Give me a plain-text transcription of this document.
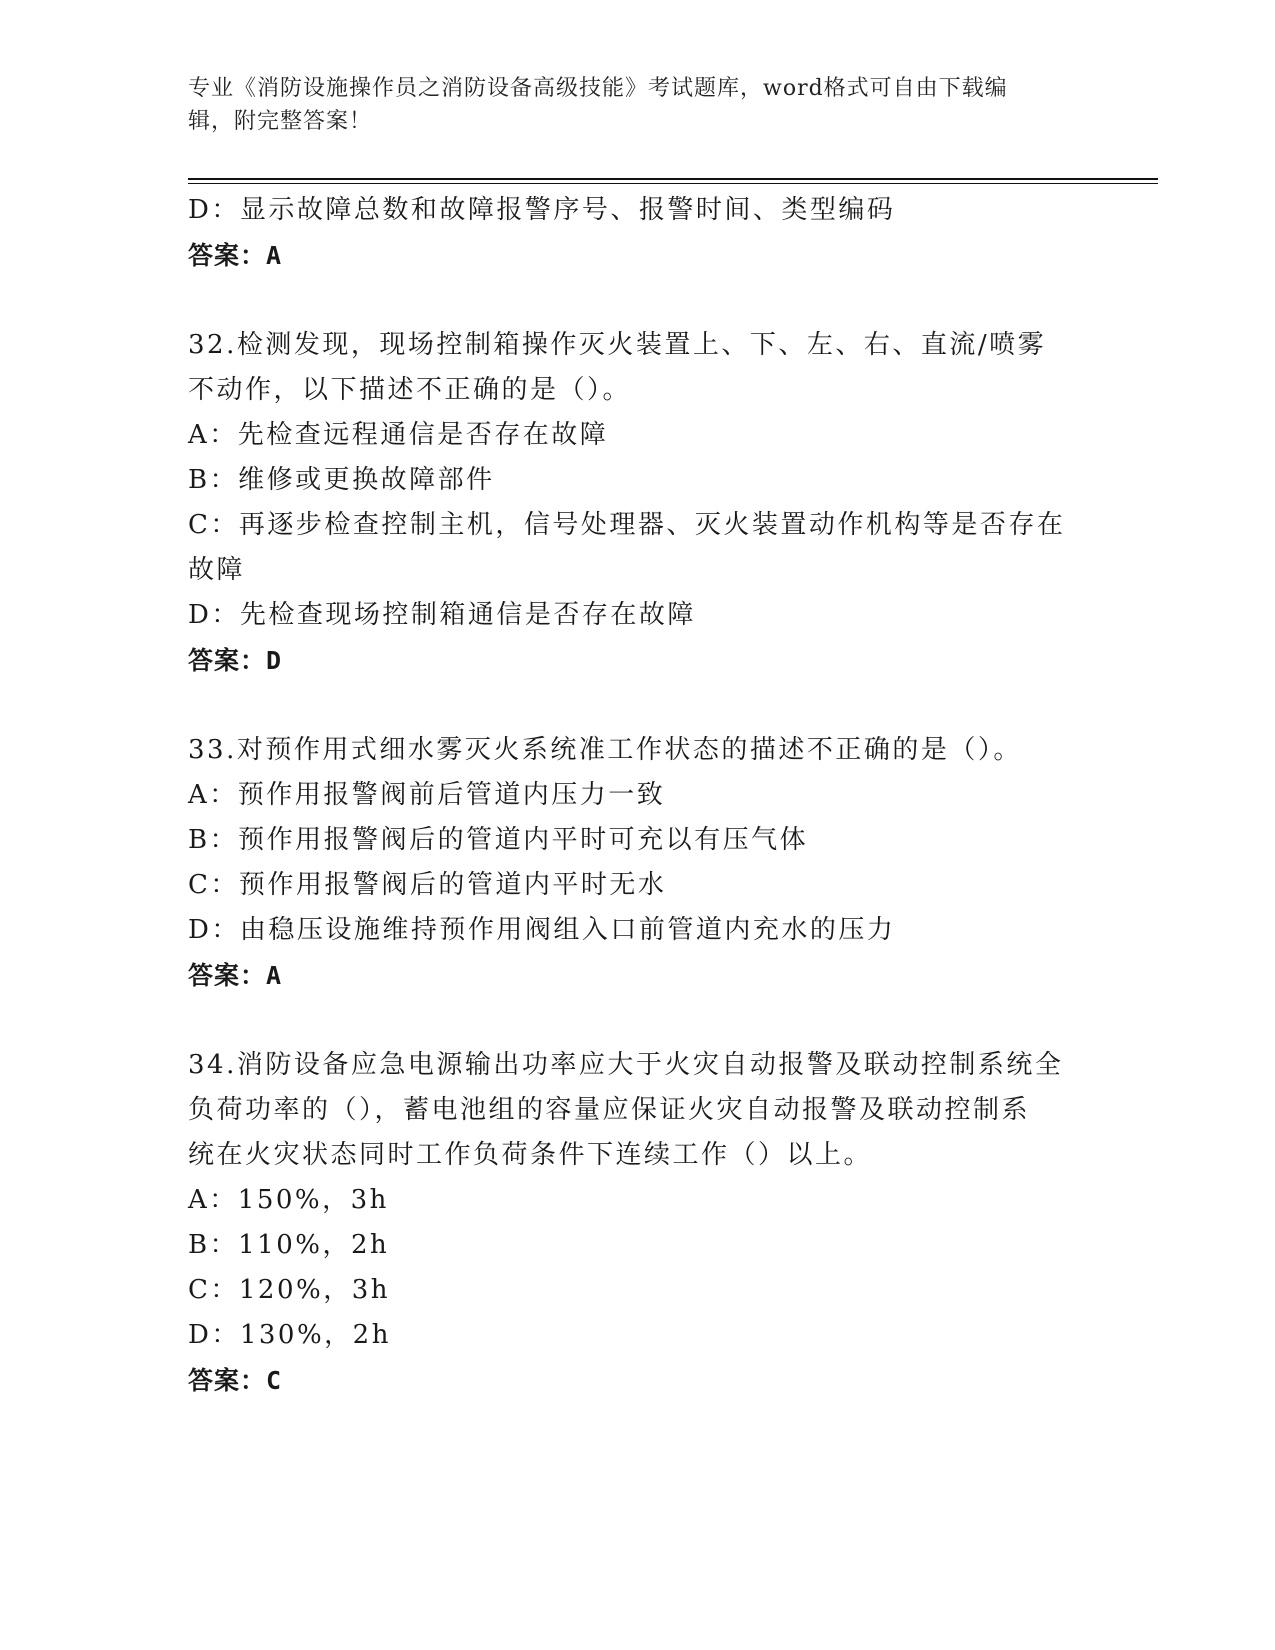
专业《消防设施操作员之消防设备高级技能》考试题库，word格式可自由下载编
辑，附完整答案！
D：显示故障总数和故障报警序号、报警时间、类型编码
答案：A
32.检测发现，现场控制箱操作灭火装置上、下、左、右、直流/喷雾
不动作，以下描述不正确的是（）。
A：先检查远程通信是否存在故障
B：维修或更换故障部件
C：再逐步检查控制主机，信号处理器、灭火装置动作机构等是否存在
故障
D：先检查现场控制箱通信是否存在故障
答案：D
33.对预作用式细水雾灭火系统准工作状态的描述不正确的是（）。
A：预作用报警阀前后管道内压力一致
B：预作用报警阀后的管道内平时可充以有压气体
C：预作用报警阀后的管道内平时无水
D：由稳压设施维持预作用阀组入口前管道内充水的压力
答案：A
34.消防设备应急电源输出功率应大于火灾自动报警及联动控制系统全
负荷功率的（），蓄电池组的容量应保证火灾自动报警及联动控制系
统在火灾状态同时工作负荷条件下连续工作（）以上。
A：150%，3h
B：110%，2h
C：120%，3h
D：130%，2h
答案：C
